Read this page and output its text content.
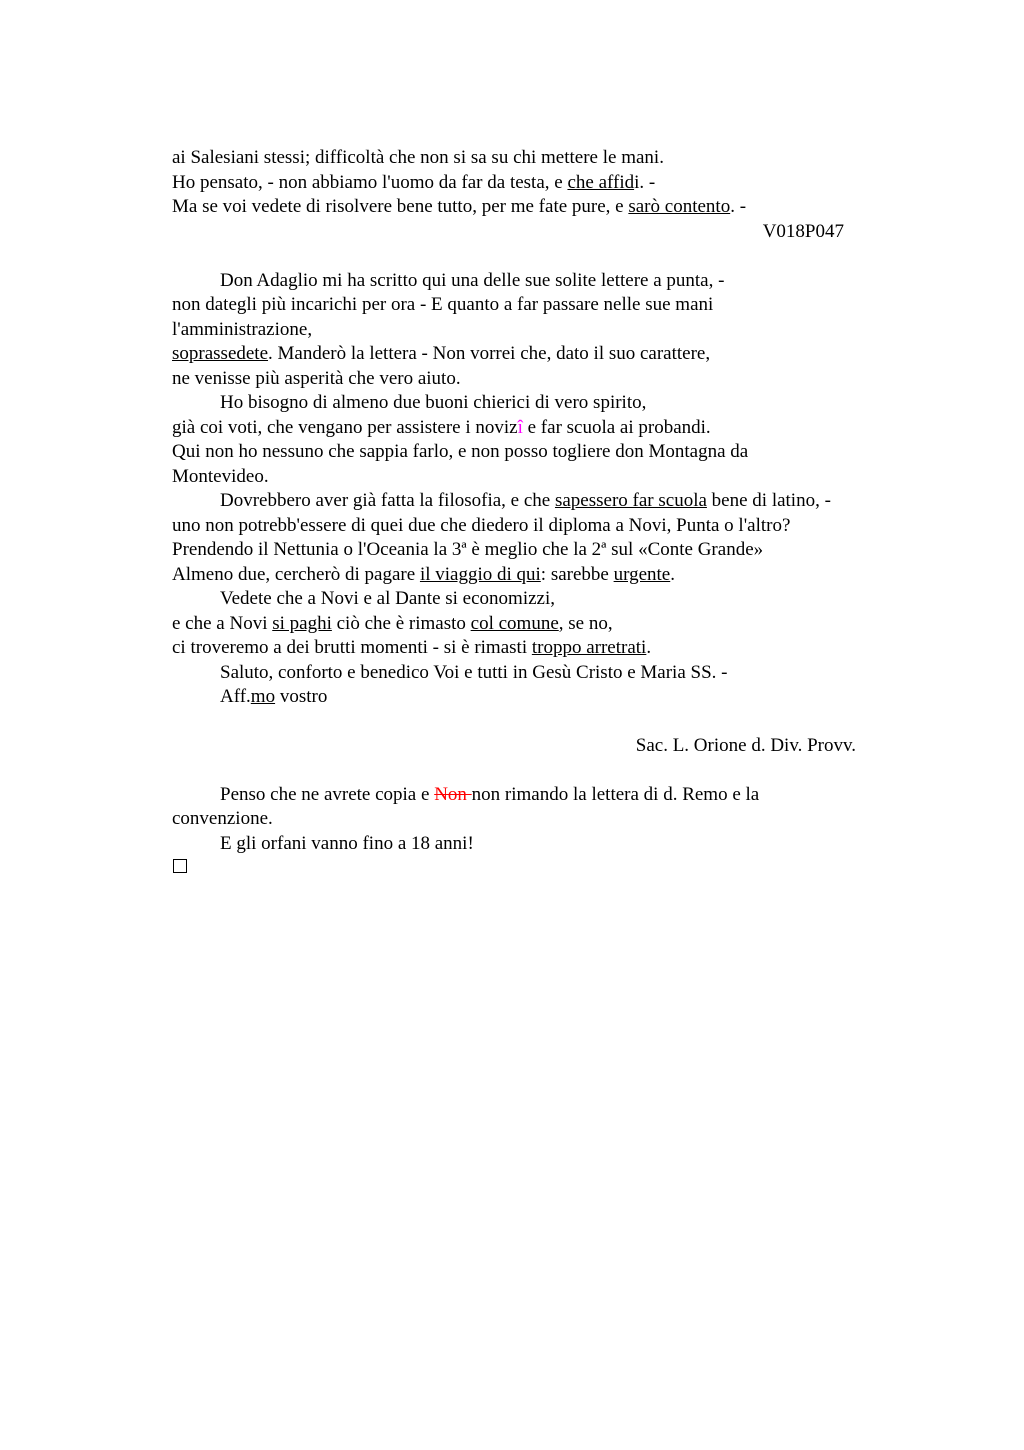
ai Salesiani stessi; difficoltà che non si sa su chi mettere le mani.
Ho pensato, - non abbiamo l'uomo da far da testa, e che affidi. -
Ma se voi vedete di risolvere bene tutto, per me fate pure, e sarò contento. -
V018P047
Don Adaglio mi ha scritto qui una delle sue solite lettere a punta, -
non dategli più incarichi per ora - E quanto a far passare nelle sue mani
l'amministrazione,
soprassedete. Manderò la lettera - Non vorrei che, dato il suo carattere,
ne venisse più asperità che vero aiuto.
Ho bisogno di almeno due buoni chierici di vero spirito,
già coi voti, che vengano per assistere i novizî e far scuola ai probandi.
Qui non ho nessuno che sappia farlo, e non posso togliere don Montagna da
Montevideo.
Dovrebbero aver già fatta la filosofia, e che sapessero far scuola bene di latino, -
uno non potrebb'essere di quei due che diedero il diploma a Novi, Punta o l'altro?
Prendendo il Nettunia o l'Oceania la 3ª è meglio che la 2ª sul «Conte Grande»
Almeno due, cercherò di pagare il viaggio di qui: sarebbe urgente.
Vedete che a Novi e al Dante si economizzi,
e che a Novi si paghi ciò che è rimasto col comune, se no,
ci troveremo a dei brutti momenti - si è rimasti troppo arretrati.
Saluto, conforto e benedico Voi e tutti in Gesù Cristo e Maria SS. -
Aff.mo vostro
Sac. L. Orione d. Div. Provv.
Penso che ne avrete copia e Non non rimando la lettera di d. Remo e la
convenzione.
E gli orfani vanno fino a 18 anni!
